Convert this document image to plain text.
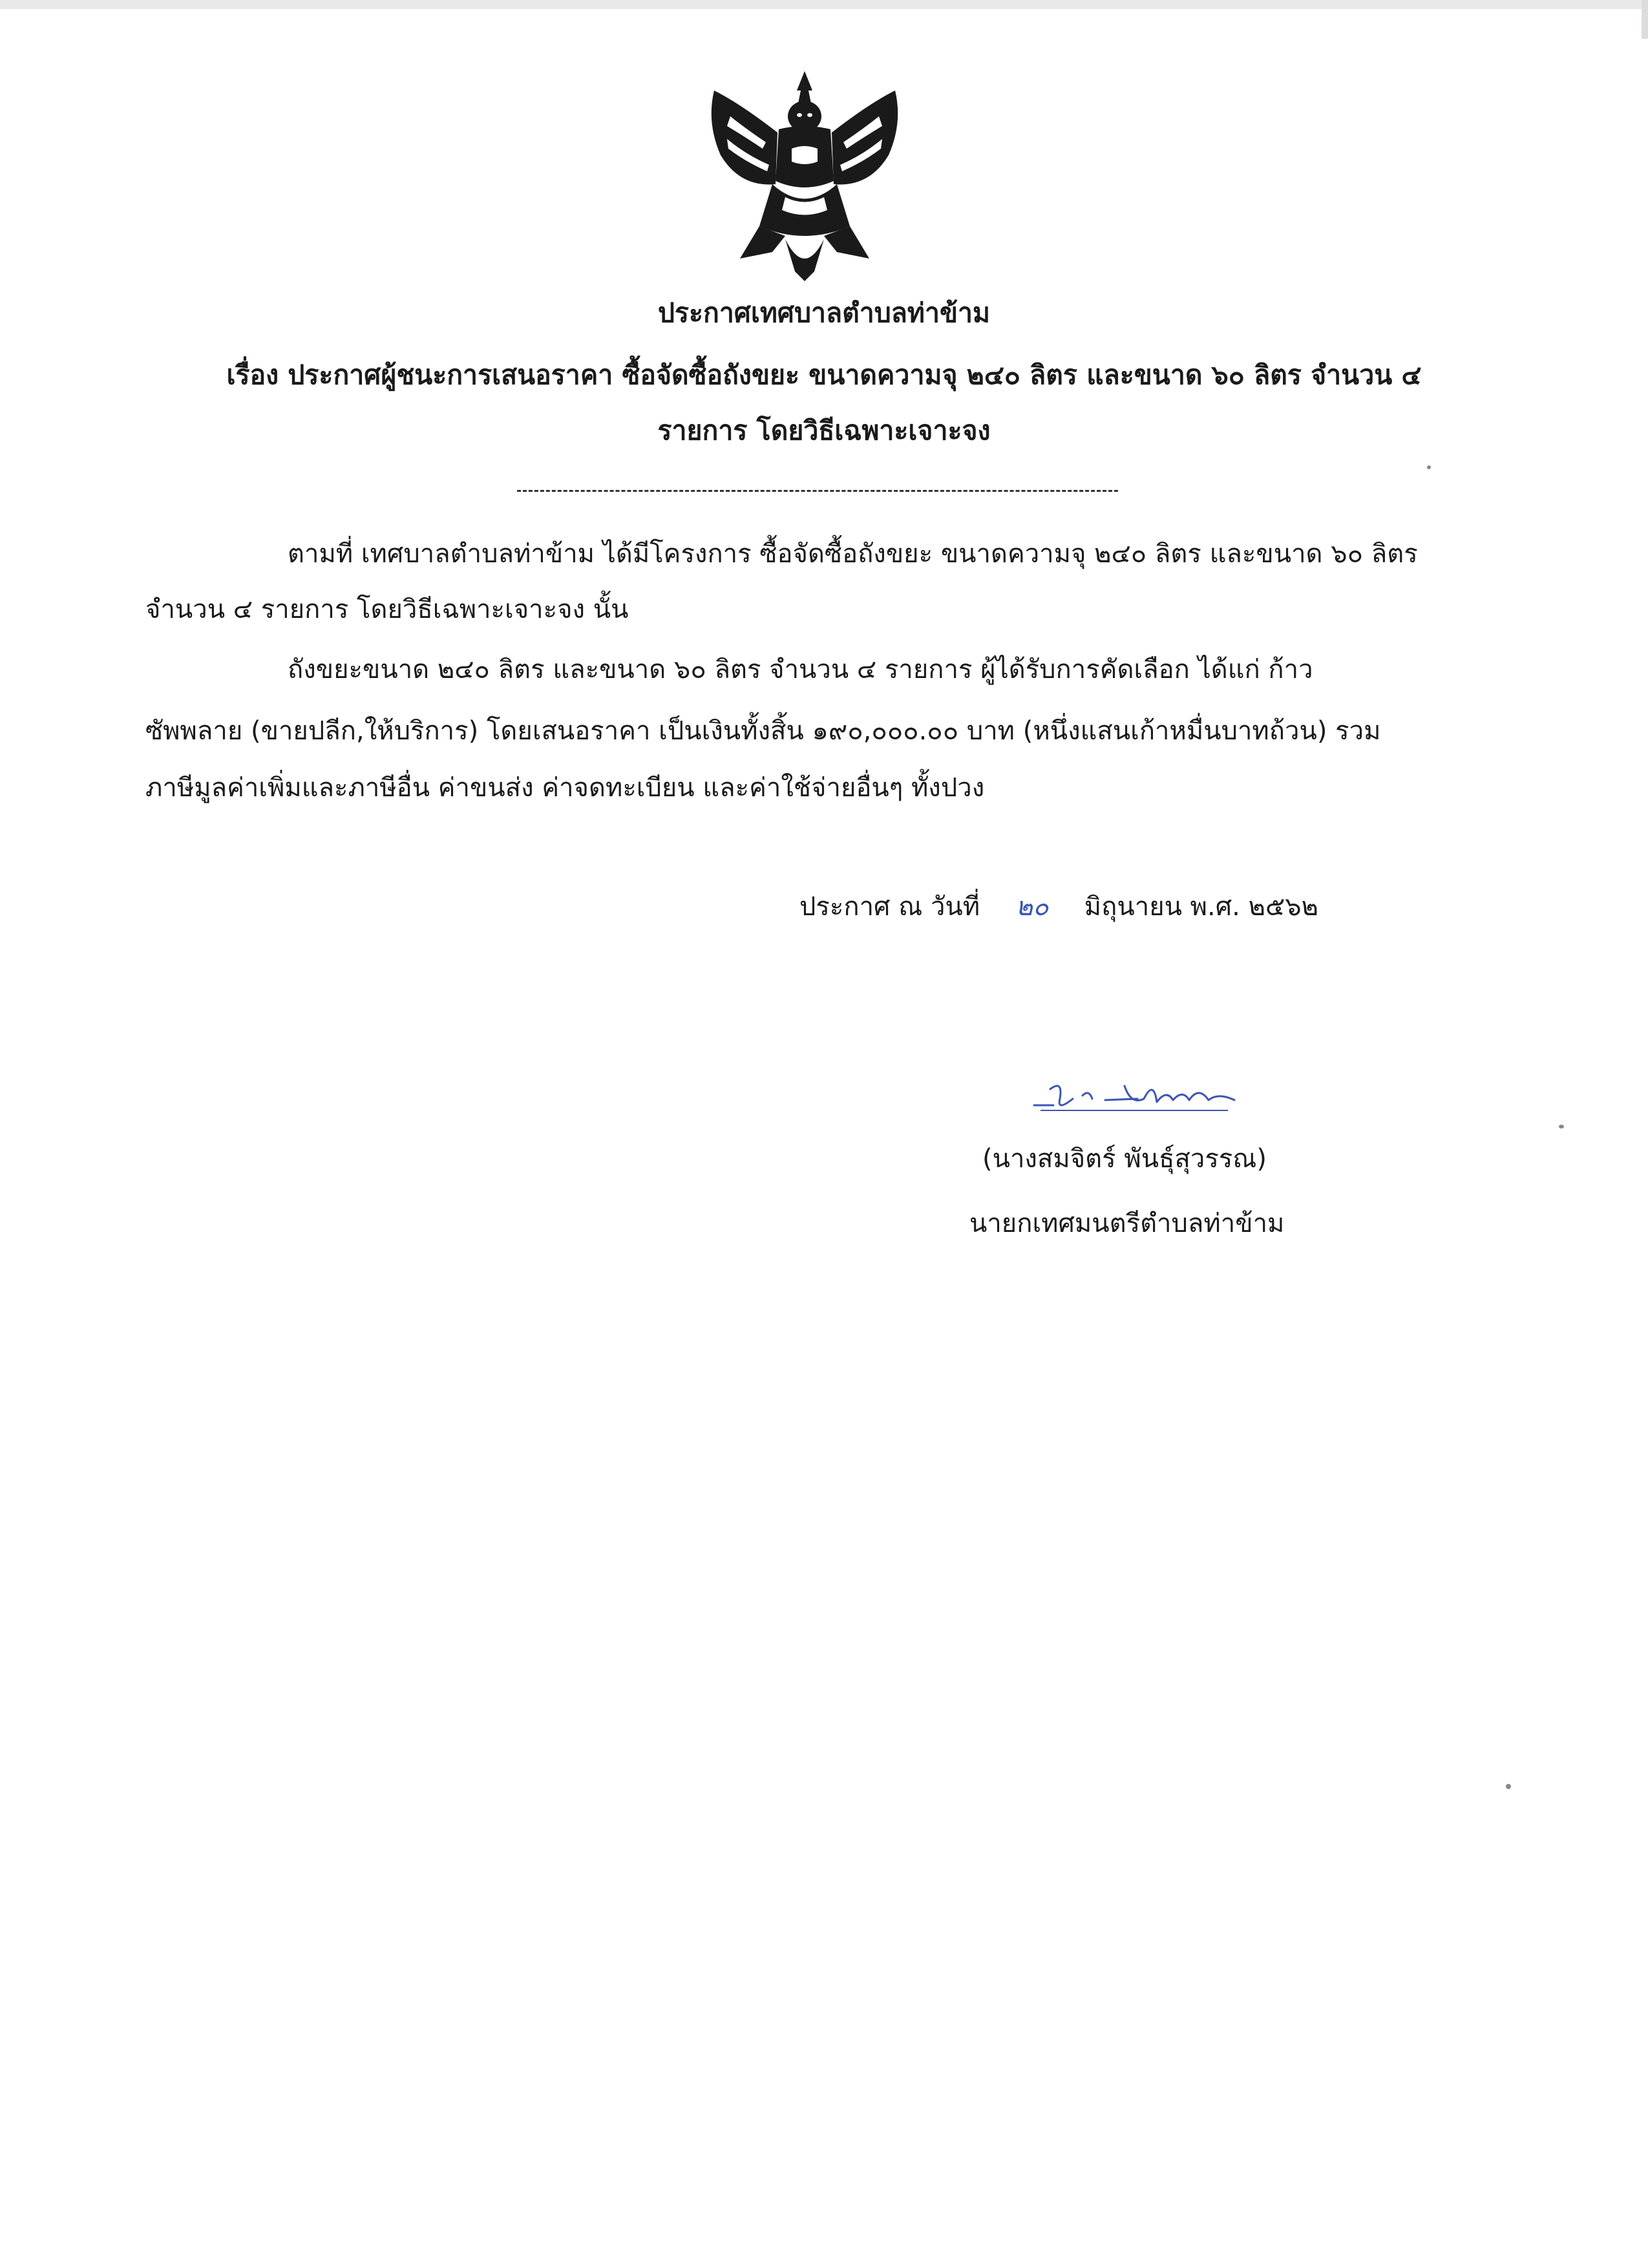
ประกาศเทศบาลตำบลท่าข้าม
เรื่อง ประกาศผู้ชนะการเสนอราคา ซื้อจัดซื้อถังขยะ ขนาดความจุ ๒๔๐ ลิตร และขนาด ๖๐ ลิตร จำนวน ๔
รายการ โดยวิธีเฉพาะเจาะจง
ตามที่ เทศบาลตำบลท่าข้าม ได้มีโครงการ ซื้อจัดซื้อถังขยะ ขนาดความจุ ๒๔๐ ลิตร และขนาด ๖๐ ลิตร
จำนวน ๔ รายการ โดยวิธีเฉพาะเจาะจง นั้น
ถังขยะขนาด ๒๔๐ ลิตร และขนาด ๖๐ ลิตร จำนวน ๔ รายการ ผู้ได้รับการคัดเลือก ได้แก่ ก้าว
ซัพพลาย (ขายปลีก,ให้บริการ) โดยเสนอราคา เป็นเงินทั้งสิ้น ๑๙๐,๐๐๐.๐๐ บาท (หนึ่งแสนเก้าหมื่นบาทถ้วน) รวม
ภาษีมูลค่าเพิ่มและภาษีอื่น ค่าขนส่ง ค่าจดทะเบียน และค่าใช้จ่ายอื่นๆ ทั้งปวง
ประกาศ ณ วันที่ ๒๐ มิถุนายน พ.ศ. ๒๕๖๒
(นางสมจิตร์ พันธุ์สุวรรณ)
นายกเทศมนตรีตำบลท่าข้าม
